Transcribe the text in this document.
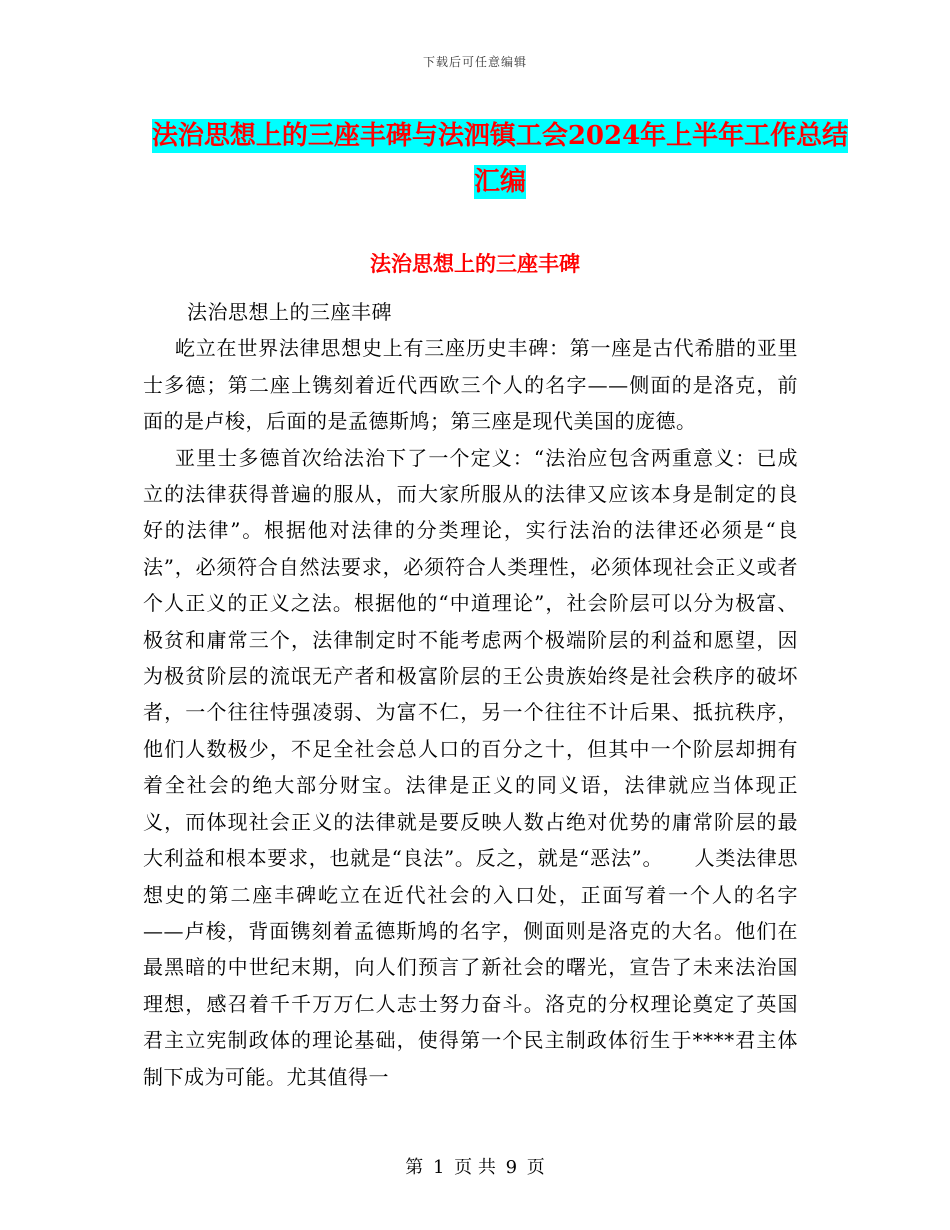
下载后可任意编辑
法治思想上的三座丰碑与法泗镇工会2024年上半年工作总结汇编
法治思想上的三座丰碑

法治思想上的三座丰碑

屹立在世界法律思想史上有三座历史丰碑：第一座是古代希腊的亚里士多德；第二座上镌刻着近代西欧三个人的名字——侧面的是洛克，前面的是卢梭，后面的是孟德斯鸠；第三座是现代美国的庞德。

亚里士多德首次给法治下了一个定义：“法治应包含两重意义：已成立的法律获得普遍的服从，而大家所服从的法律又应该本身是制定的良好的法律”。根据他对法律的分类理论，实行法治的法律还必须是“良法”，必须符合自然法要求，必须符合人类理性，必须体现社会正义或者个人正义的正义之法。根据他的“中道理论”，社会阶层可以分为极富、极贫和庸常三个，法律制定时不能考虑两个极端阶层的利益和愿望，因为极贫阶层的流氓无产者和极富阶层的王公贵族始终是社会秩序的破坏者，一个往往恃强凌弱、为富不仁，另一个往往不计后果、抵抗秩序，他们人数极少，不足全社会总人口的百分之十，但其中一个阶层却拥有着全社会的绝大部分财宝。法律是正义的同义语，法律就应当体现正义，而体现社会正义的法律就是要反映人数占绝对优势的庸常阶层的最大利益和根本要求，也就是“良法”。反之，就是“恶法”。　　人类法律思想史的第二座丰碑屹立在近代社会的入口处，正面写着一个人的名字——卢梭，背面镌刻着孟德斯鸠的名字，侧面则是洛克的大名。他们在最黑暗的中世纪末期，向人们预言了新社会的曙光，宣告了未来法治国理想，感召着千千万万仁人志士努力奋斗。洛克的分权理论奠定了英国君主立宪制政体的理论基础，使得第一个民主制政体衍生于****君主体制下成为可能。尤其值得一

第 1 页 共 9 页
